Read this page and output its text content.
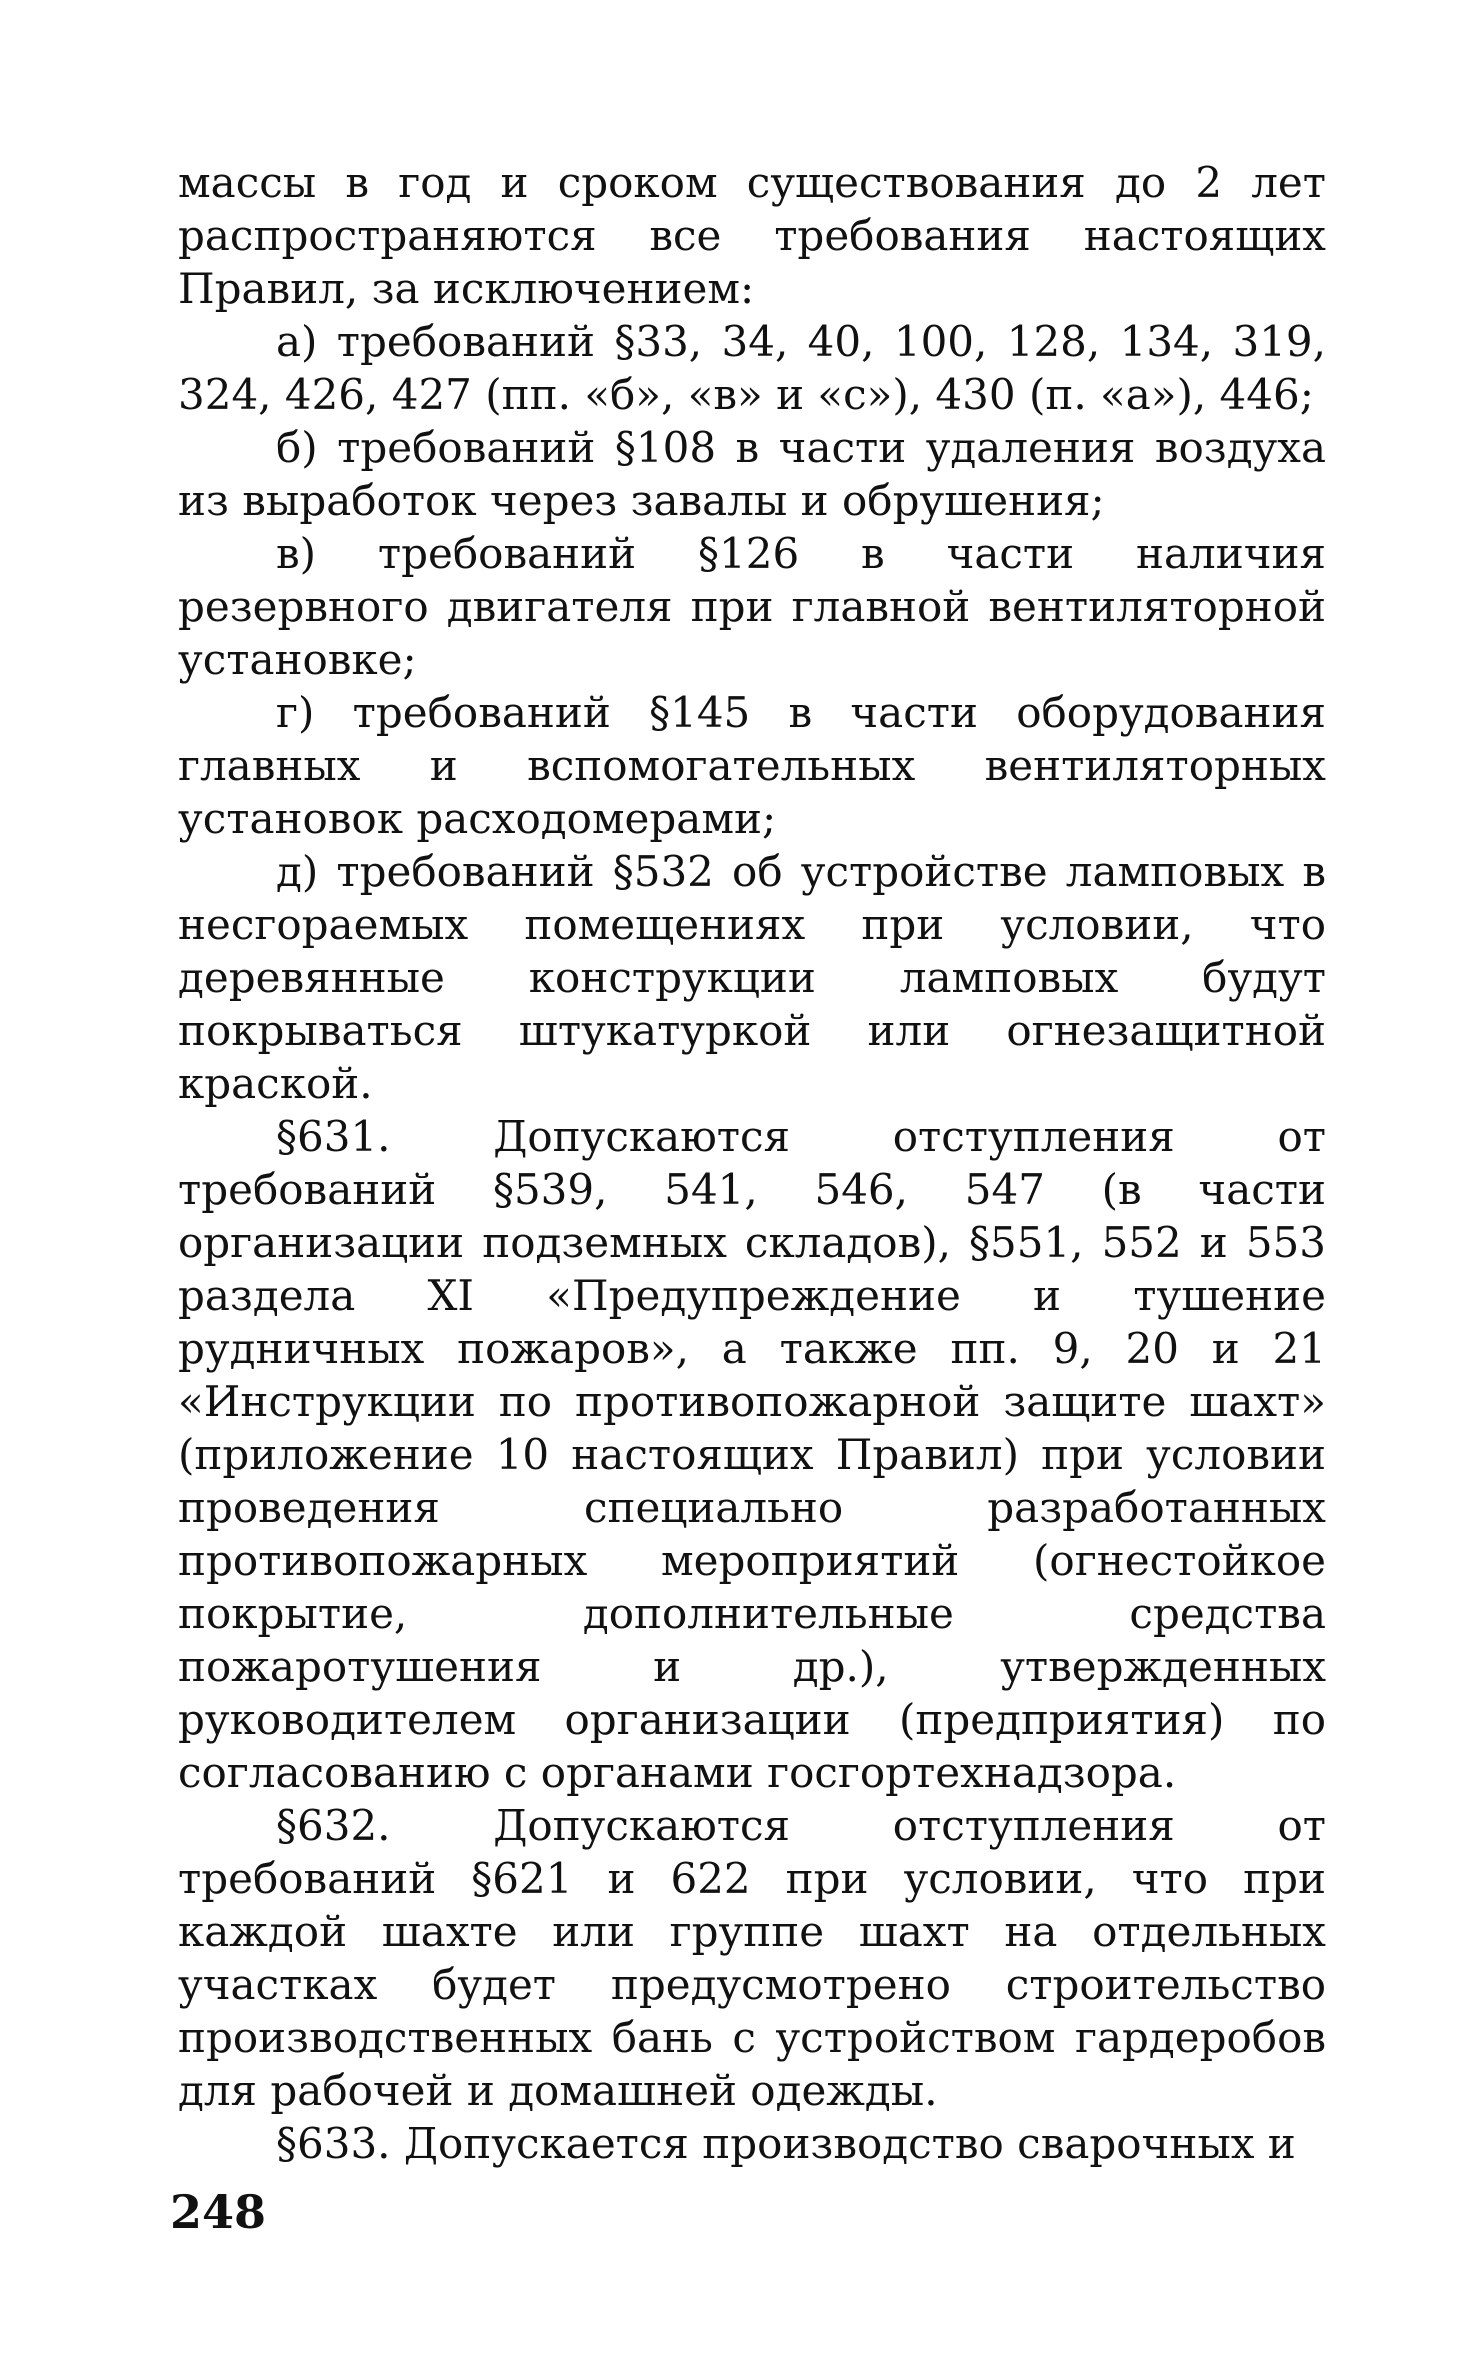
массы в год и сроком существования до 2 лет распространяются все требования настоящих Правил, за исключением:

а) требований §33, 34, 40, 100, 128, 134, 319, 324, 426, 427 (пп. «б», «в» и «с»), 430 (п. «а»), 446;

б) требований §108 в части удаления воздуха из выработок через завалы и обрушения;

в) требований §126 в части наличия резервного двигателя при главной вентиляторной установке;

г) требований §145 в части оборудования главных и вспомогательных вентиляторных установок расходомерами;

д) требований §532 об устройстве ламповых в несгораемых помещениях при условии, что деревянные конструкции ламповых будут покрываться штукатуркой или огнезащитной краской.

§631. Допускаются отступления от требований §539, 541, 546, 547 (в части организации подземных складов), §551, 552 и 553 раздела XI «Предупреждение и тушение рудничных пожаров», а также пп. 9, 20 и 21 «Инструкции по противопожарной защите шахт» (приложение 10 настоящих Правил) при условии проведения специально разработанных противопожарных мероприятий (огнестойкое покрытие, дополнительные средства пожаротушения и др.), утвержденных руководителем организации (предприятия) по согласованию с органами госгортехнадзора.

§632. Допускаются отступления от требований §621 и 622 при условии, что при каждой шахте или группе шахт на отдельных участках будет предусмотрено строительство производственных бань с устройством гардеробов для рабочей и домашней одежды.

§633. Допускается производство сварочных и

248
